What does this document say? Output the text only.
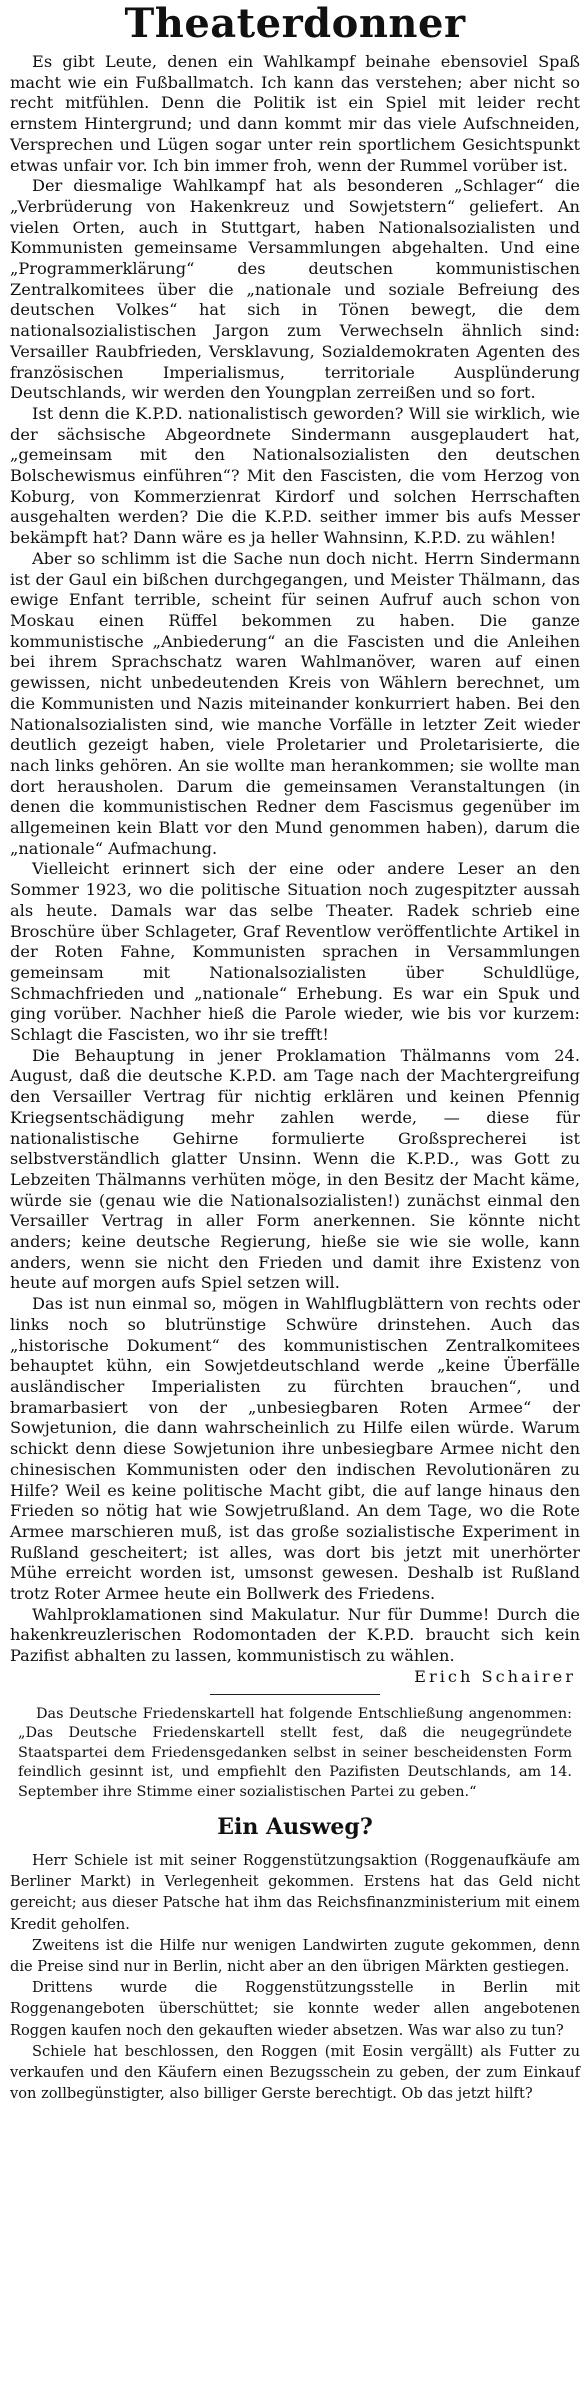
Theaterdonner

Es gibt Leute, denen ein Wahlkampf beinahe ebensoviel Spaß macht wie ein Fußballmatch. Ich kann das verstehen; aber nicht so recht mitfühlen. Denn die Politik ist ein Spiel mit leider recht ernstem Hintergrund; und dann kommt mir das viele Aufschneiden, Versprechen und Lügen sogar unter rein sportlichem Gesichtspunkt etwas unfair vor. Ich bin immer froh, wenn der Rummel vorüber ist.

Der diesmalige Wahlkampf hat als besonderen „Schlager“ die „Verbrüderung von Hakenkreuz und Sowjetstern“ geliefert. An vielen Orten, auch in Stuttgart, haben Nationalsozialisten und Kommunisten gemeinsame Versammlungen abgehalten. Und eine „Programmerklärung“ des deutschen kommunistischen Zentralkomitees über die „nationale und soziale Befreiung des deutschen Volkes“ hat sich in Tönen bewegt, die dem nationalsozialistischen Jargon zum Verwechseln ähnlich sind: Versailler Raubfrieden, Versklavung, Sozialdemokraten Agenten des französischen Imperialismus, territoriale Ausplünderung Deutschlands, wir werden den Youngplan zerreißen und so fort.

Ist denn die K.P.D. nationalistisch geworden? Will sie wirklich, wie der sächsische Abgeordnete Sindermann ausgeplaudert hat, „gemeinsam mit den Nationalsozialisten den deutschen Bolschewismus einführen“? Mit den Fascisten, die vom Herzog von Koburg, von Kommerzienrat Kirdorf und solchen Herrschaften ausgehalten werden? Die die K.P.D. seither immer bis aufs Messer bekämpft hat? Dann wäre es ja heller Wahnsinn, K.P.D. zu wählen!

Aber so schlimm ist die Sache nun doch nicht. Herrn Sindermann ist der Gaul ein bißchen durchgegangen, und Meister Thälmann, das ewige Enfant terrible, scheint für seinen Aufruf auch schon von Moskau einen Rüffel bekommen zu haben. Die ganze kommunistische „Anbiederung“ an die Fascisten und die Anleihen bei ihrem Sprachschatz waren Wahlmanöver, waren auf einen gewissen, nicht unbedeutenden Kreis von Wählern berechnet, um die Kommunisten und Nazis miteinander konkurriert haben. Bei den Nationalsozialisten sind, wie manche Vorfälle in letzter Zeit wieder deutlich gezeigt haben, viele Proletarier und Proletarisierte, die nach links gehören. An sie wollte man herankommen; sie wollte man dort herausholen. Darum die gemeinsamen Veranstaltungen (in denen die kommunistischen Redner dem Fascismus gegenüber im allgemeinen kein Blatt vor den Mund genommen haben), darum die „nationale“ Aufmachung.

Vielleicht erinnert sich der eine oder andere Leser an den Sommer 1923, wo die politische Situation noch zugespitzter aussah als heute. Damals war das selbe Theater. Radek schrieb eine Broschüre über Schlageter, Graf Reventlow veröffentlichte Artikel in der Roten Fahne, Kommunisten sprachen in Versammlungen gemeinsam mit Nationalsozialisten über Schuldlüge, Schmachfrieden und „nationale“ Erhebung. Es war ein Spuk und ging vorüber. Nachher hieß die Parole wieder, wie bis vor kurzem: Schlagt die Fascisten, wo ihr sie trefft!

Die Behauptung in jener Proklamation Thälmanns vom 24. August, daß die deutsche K.P.D. am Tage nach der Machtergreifung den Versailler Vertrag für nichtig erklären und keinen Pfennig Kriegsentschädigung mehr zahlen werde, — diese für nationalistische Gehirne formulierte Großsprecherei ist selbstverständlich glatter Unsinn. Wenn die K.P.D., was Gott zu Lebzeiten Thälmanns verhüten möge, in den Besitz der Macht käme, würde sie (genau wie die Nationalsozialisten!) zunächst einmal den Versailler Vertrag in aller Form anerkennen. Sie könnte nicht anders; keine deutsche Regierung, hieße sie wie sie wolle, kann anders, wenn sie nicht den Frieden und damit ihre Existenz von heute auf morgen aufs Spiel setzen will.

Das ist nun einmal so, mögen in Wahlflugblättern von rechts oder links noch so blutrünstige Schwüre drinstehen. Auch das „historische Dokument“ des kommunistischen Zentralkomitees behauptet kühn, ein Sowjetdeutschland werde „keine Überfälle ausländischer Imperialisten zu fürchten brauchen“, und bramarbasiert von der „unbesiegbaren Roten Armee“ der Sowjetunion, die dann wahrscheinlich zu Hilfe eilen würde. Warum schickt denn diese Sowjetunion ihre unbesiegbare Armee nicht den chinesischen Kommunisten oder den indischen Revolutionären zu Hilfe? Weil es keine politische Macht gibt, die auf lange hinaus den Frieden so nötig hat wie Sowjetrußland. An dem Tage, wo die Rote Armee marschieren muß, ist das große sozialistische Experiment in Rußland gescheitert; ist alles, was dort bis jetzt mit unerhörter Mühe erreicht worden ist, umsonst gewesen. Deshalb ist Rußland trotz Roter Armee heute ein Bollwerk des Friedens.

Wahlproklamationen sind Makulatur. Nur für Dumme! Durch die hakenkreuzlerischen Rodomontaden der K.P.D. braucht sich kein Pazifist abhalten zu lassen, kommunistisch zu wählen.

Erich Schairer

Das Deutsche Friedenskartell hat folgende Entschließung angenommen: „Das Deutsche Friedenskartell stellt fest, daß die neugegründete Staatspartei dem Friedensgedanken selbst in seiner bescheidensten Form feindlich gesinnt ist, und empfiehlt den Pazifisten Deutschlands, am 14. September ihre Stimme einer sozialistischen Partei zu geben.“

Ein Ausweg?

Herr Schiele ist mit seiner Roggenstützungsaktion (Roggenaufkäufe am Berliner Markt) in Verlegenheit gekommen. Erstens hat das Geld nicht gereicht; aus dieser Patsche hat ihm das Reichsfinanzministerium mit einem Kredit geholfen.

Zweitens ist die Hilfe nur wenigen Landwirten zugute gekommen, denn die Preise sind nur in Berlin, nicht aber an den übrigen Märkten gestiegen.

Drittens wurde die Roggenstützungsstelle in Berlin mit Roggenangeboten überschüttet; sie konnte weder allen angebotenen Roggen kaufen noch den gekauften wieder absetzen. Was war also zu tun?

Schiele hat beschlossen, den Roggen (mit Eosin vergällt) als Futter zu verkaufen und den Käufern einen Bezugsschein zu geben, der zum Einkauf von zollbegünstigter, also billiger Gerste berechtigt. Ob das jetzt hilft?
